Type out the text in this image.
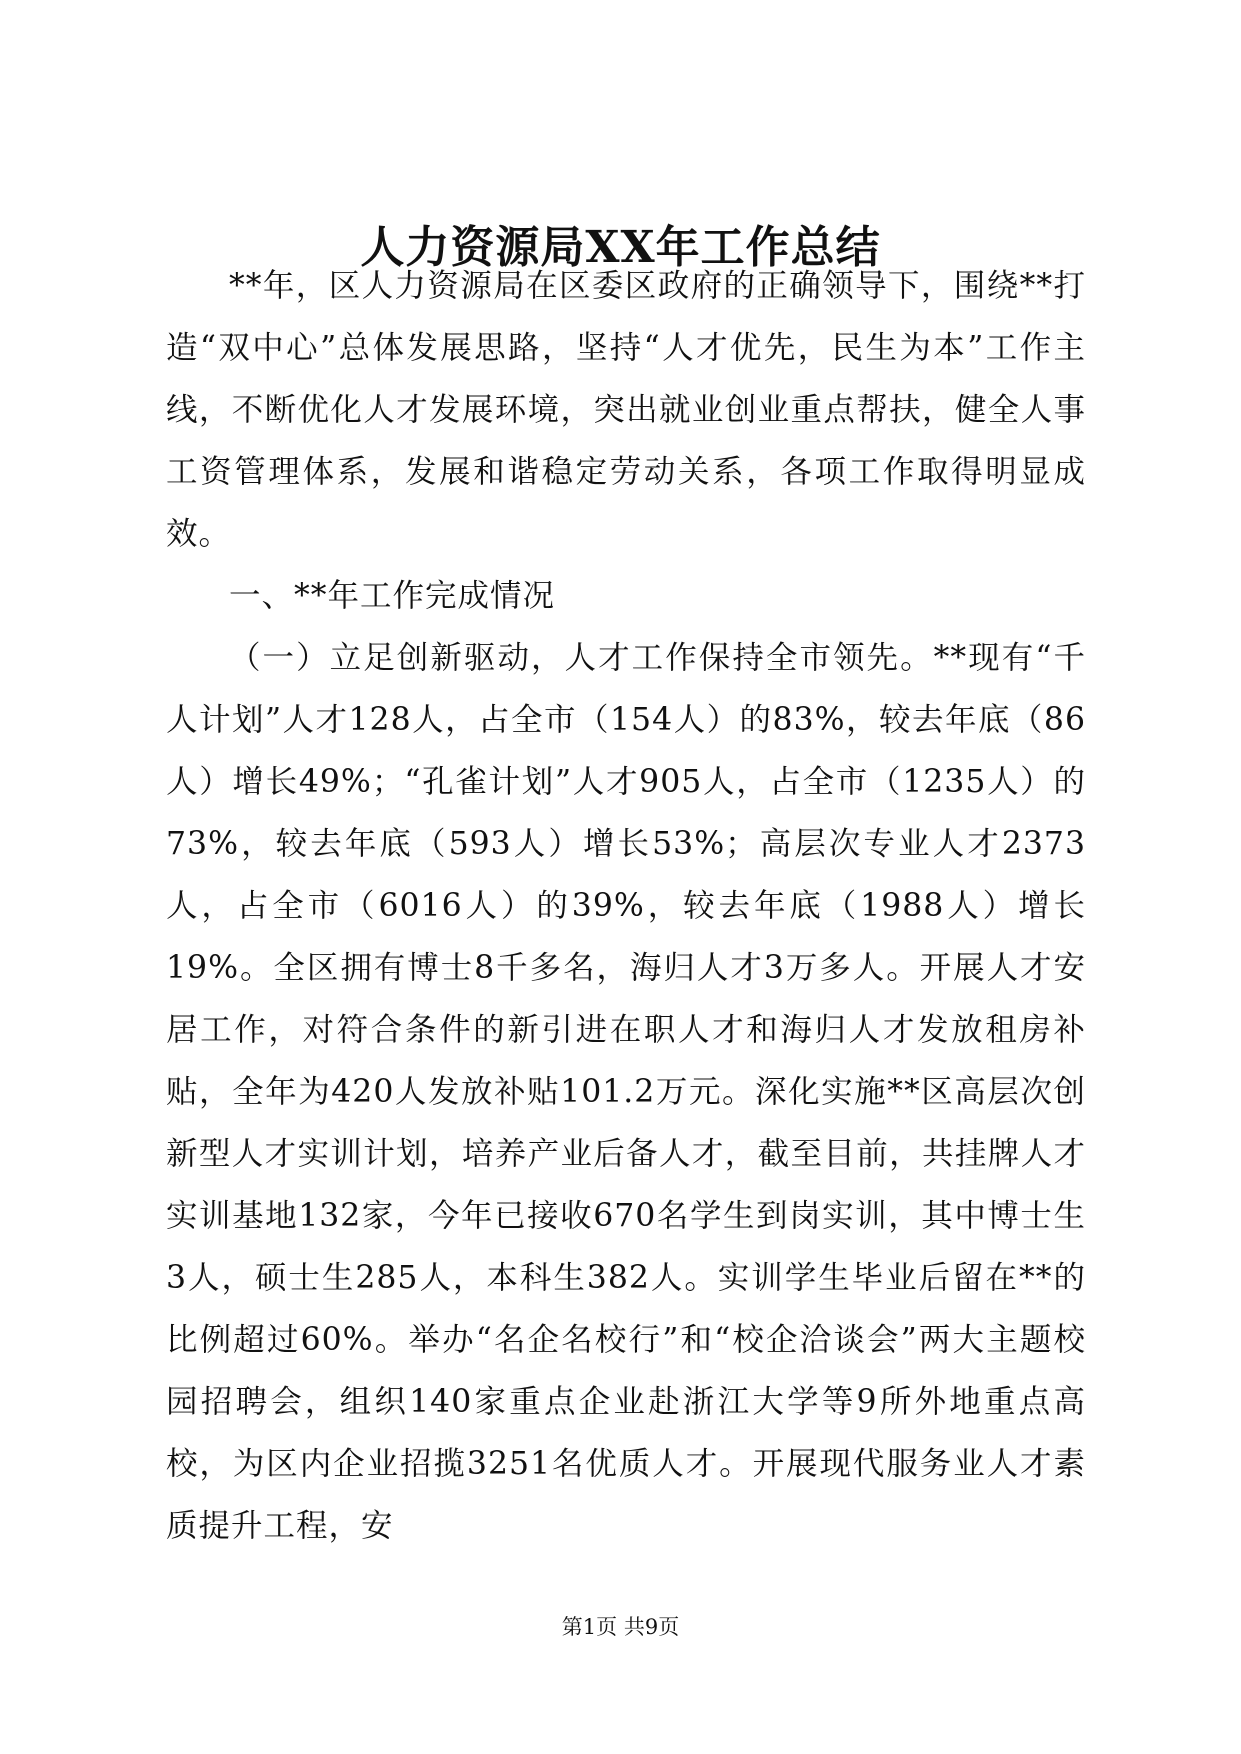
人力资源局XX年工作总结

**年，区人力资源局在区委区政府的正确领导下，围绕**打造“双中心”总体发展思路，坚持“人才优先，民生为本”工作主线，不断优化人才发展环境，突出就业创业重点帮扶，健全人事工资管理体系，发展和谐稳定劳动关系，各项工作取得明显成效。

一、**年工作完成情况

（一）立足创新驱动，人才工作保持全市领先。**现有“千人计划”人才128人，占全市（154人）的83%，较去年底（86人）增长49%；“孔雀计划”人才905人，占全市（1235人）的73%，较去年底（593人）增长53%；高层次专业人才2373人，占全市（6016人）的39%，较去年底（1988人）增长19%。全区拥有博士8千多名，海归人才3万多人。开展人才安居工作，对符合条件的新引进在职人才和海归人才发放租房补贴，全年为420人发放补贴101.2万元。深化实施**区高层次创新型人才实训计划，培养产业后备人才，截至目前，共挂牌人才实训基地132家，今年已接收670名学生到岗实训，其中博士生3人，硕士生285人，本科生382人。实训学生毕业后留在**的比例超过60%。举办“名企名校行”和“校企洽谈会”两大主题校园招聘会，组织140家重点企业赴浙江大学等9所外地重点高校，为区内企业招揽3251名优质人才。开展现代服务业人才素质提升工程，安

第1页 共9页
